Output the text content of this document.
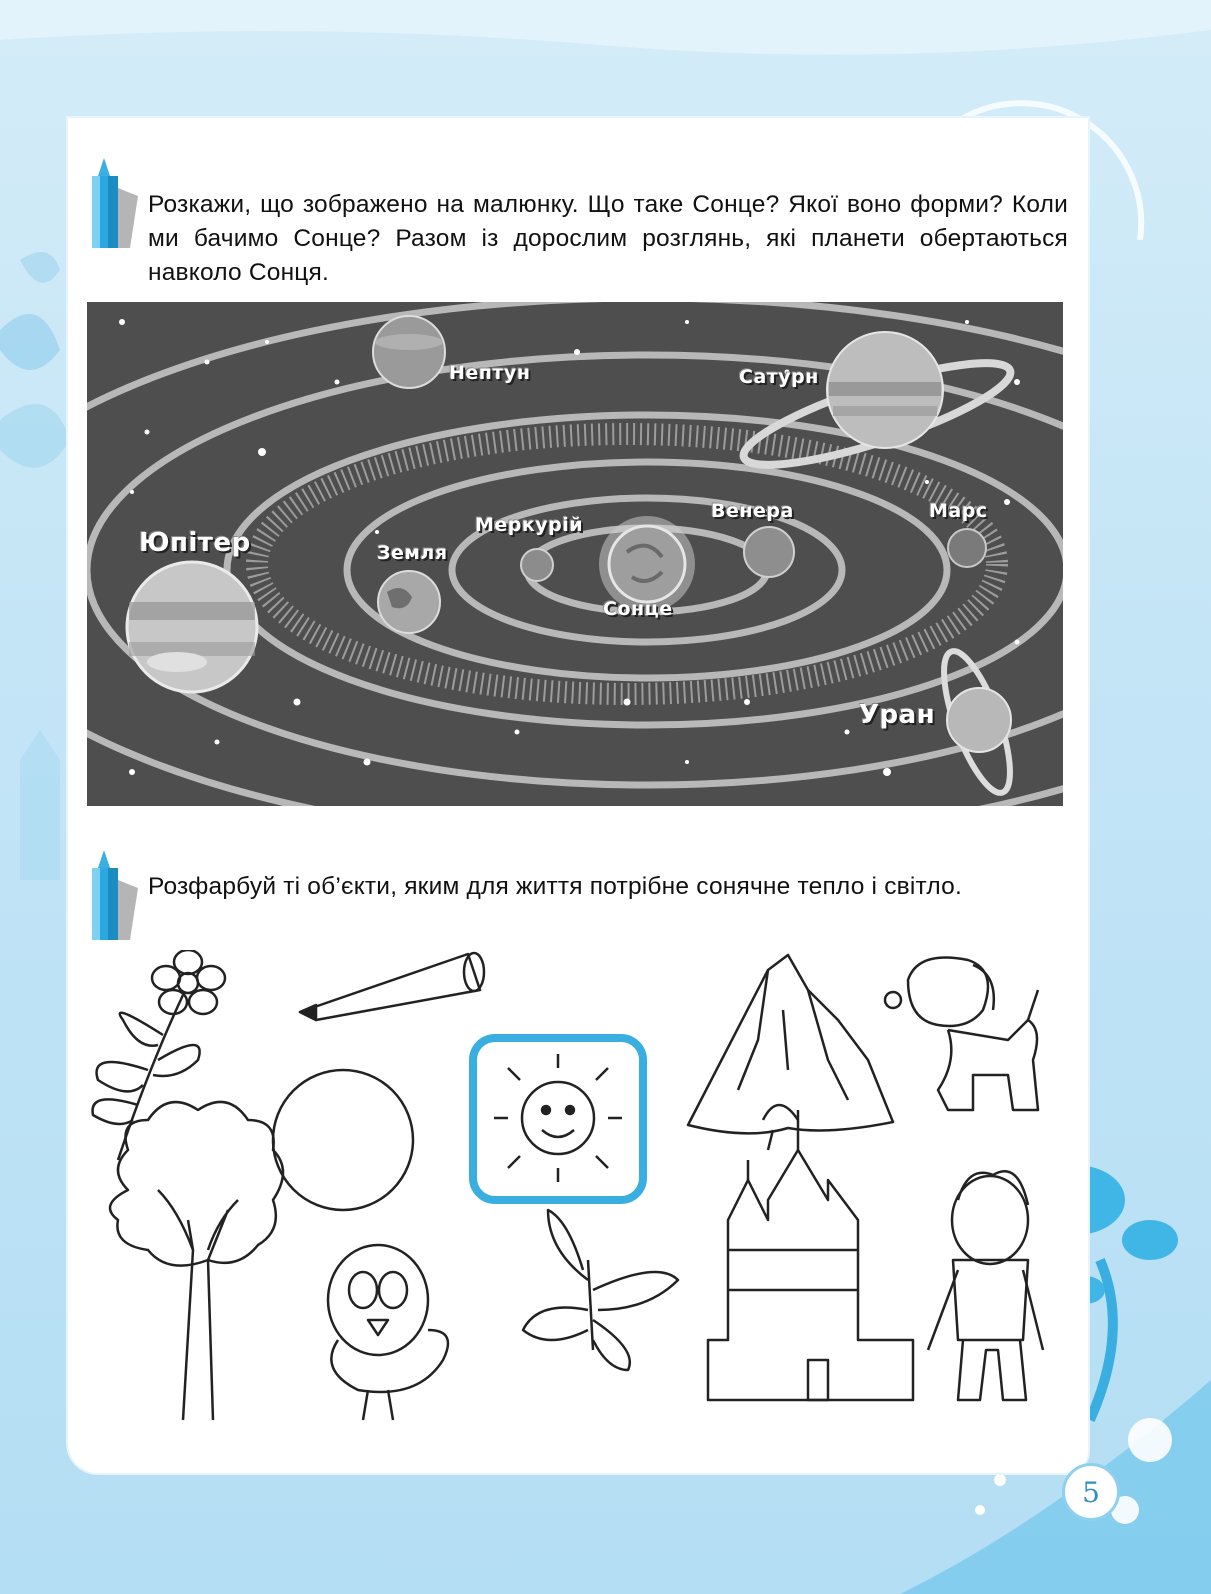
Розкажи, що зображено на малюнку. Що таке Сонце? Якої воно форми? Коли ми бачимо Сонце? Разом із дорослим розглянь, які планети обертаються навколо Сонця.
Нептун	Сатурн
Юпітер	Земля
Меркурій
Венера	Марс
Сонце
Уран
Розфарбуй ті об’єкти, яким для життя потрібне сонячне тепло і світло.
5
